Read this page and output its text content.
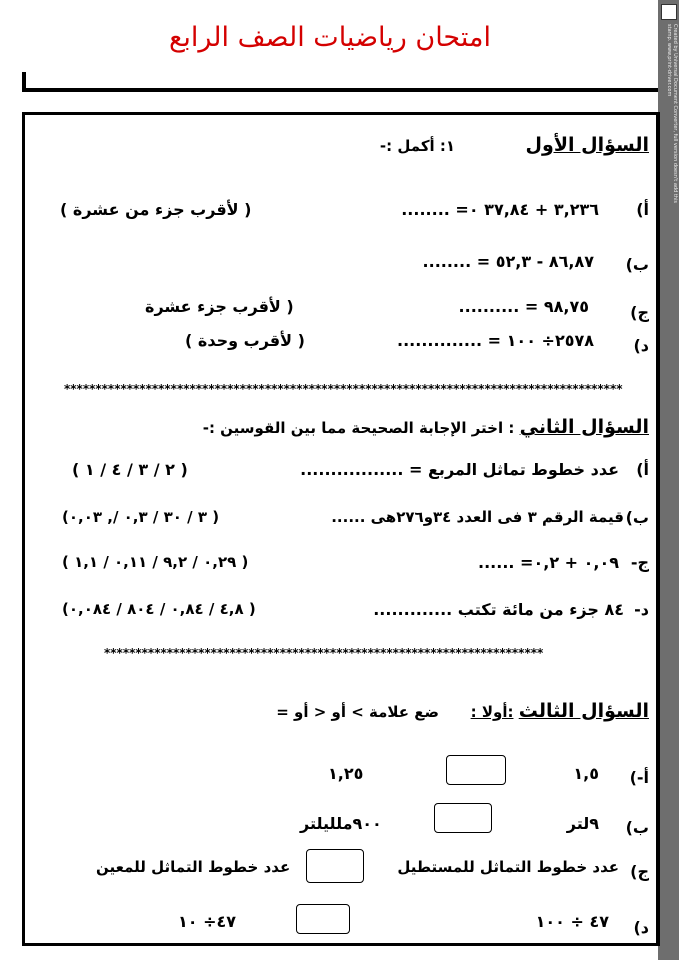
امتحان رياضيات الصف الرابع	Created by Universal Document Converter, full version doesn't add this stamp. www.print-driver.com
السؤال الأول  ١: أكمل :-
أ)
٣,٢٣٦ + ٣٧,٨٤ ٠= ........
( لأقرب جزء من عشرة )
ب)
٨٦,٨٧ - ٥٢,٣ = ........
ج)
٩٨,٧٥ = ..........
( لأقرب جزء عشرة
د)
٢٥٧٨÷ ١٠٠ = ..............
( لأقرب وحدة )
*****************************************************************************************
السؤال الثاني : اختر الإجابة الصحيحة مما بين القوسين :-
أ)
عدد خطوط تماثل المربع = .................
( ٢ / ٣ / ٤ / ١ )
ب)
قيمة الرقم ٣ فى العدد ٣٤و٢٧٦هى ......
( ٣ / ٣٠ / ٠,٣ /, ٠,٠٣)
ج-
٠,٠٩ + ٠,٢= ......
( ٠,٢٩ / ٩,٢ / ٠,١١ / ١,١ )
د-
٨٤ جزء من مائة تكتب .............
( ٤,٨ / ٠,٨٤ / ٨٠٤ / ٠,٠٨٤)
**********************************************************************
السؤال الثالث :أولا :
ضع علامة > أو < أو =
أ-)
١,٥
١,٢٥
ب)
٩لتر
٩٠٠ملليلتر
ج)
عدد خطوط التماثل للمستطيل
عدد خطوط التماثل للمعين
د)
٤٧ ÷ ١٠٠
٤٧÷ ١٠
